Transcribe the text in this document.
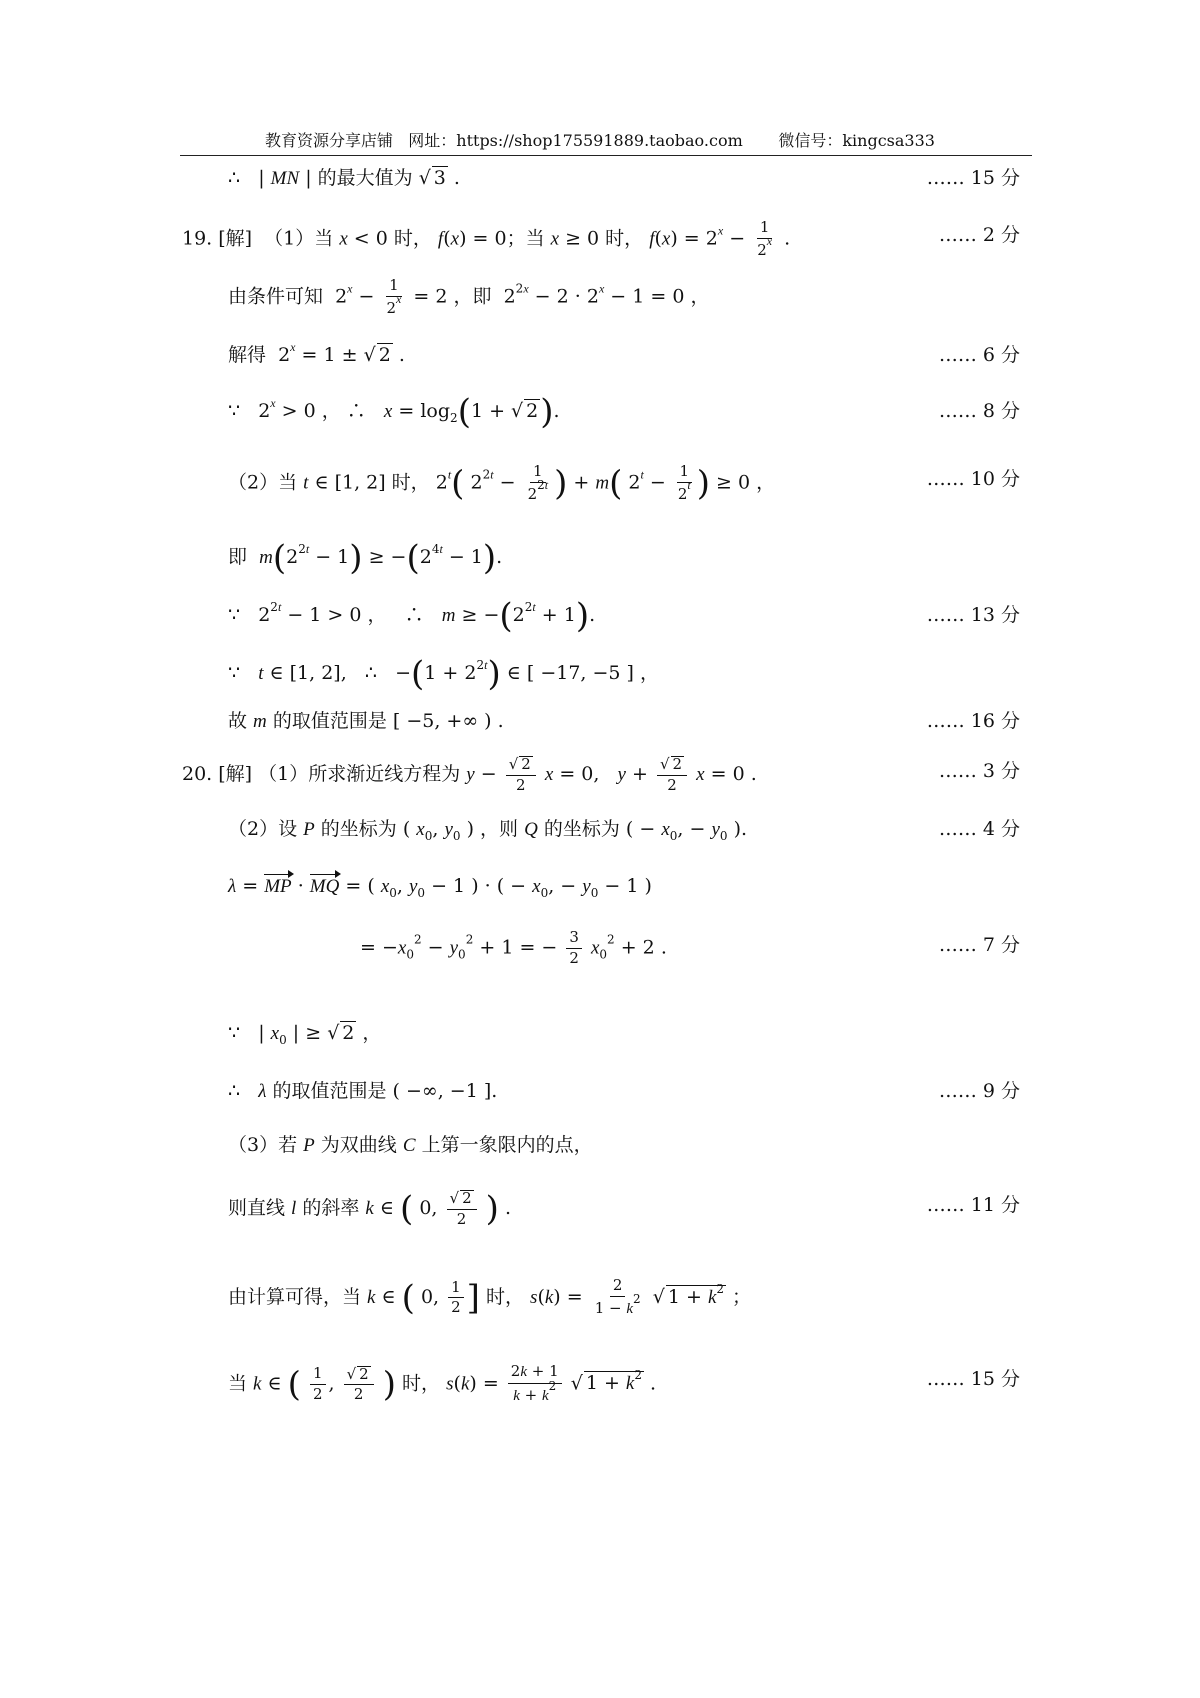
教育资源分享店铺   网址：https://shop175591889.taobao.com       微信号：kingcsa333
∴   | MN | 的最大值为 √ 3 .	…… 15 分
19. [解]  （1）当 x < 0 时， f(x) = 0；当 x ≥ 0 时， $f(x) = 2^x - \frac{1}{2^x}$ .	…… 2 分
由条件可知  $2^x - \frac{1}{2^x} = 2$ ，即  $2^{2x} - 2 \cdot 2^x - 1 = 0$ ，
解得  $2^x = 1$ ± √ 2 .	…… 6 分
∵   $2^x > 0$ ， ∴   $x = \log_2(1$ + √ 2).	…… 8 分
（2）当 t ∈ [1, 2] 时， 2$^t$( $2^{2t} - \frac{1}{2^{2t}}$ ) + m( $2^t - \frac{1}{2^t}$ ) ≥ 0 ，	…… 10 分
即  $m(2^{2t} - 1) \ge -(2^{4t} - 1)$.
∵   $2^{2t} - 1 > 0$ ，   ∴   $m \ge -(2^{2t} + 1)$.	…… 13 分
∵   t ∈ [1, 2],   ∴   $-(1 + 2^{2t})$ ∈ [ −17, −5 ] ，
故 m 的取值范围是 [ −5, +∞ ) .	…… 16 分
20. [解] （1）所求渐近线方程为 $y - \frac{√ 2}{2}$ x = 0,   $y + \frac{√ 2}{2}$ x = 0 .	…… 3 分
（2）设 P 的坐标为 ( $x_0$, $y_0$ ) ，则 Q 的坐标为 ( − $x_0$, − $y_0$ ).	…… 4 分
λ = MP · MQ = ( $x_0$, $y_0 - 1$ ) · ( − $x_0$, − $y_0 - 1$ )
= $-x_0^2 - y_0^2 + 1$ = − $\frac{3}{2} x_0^2 + 2$ .	…… 7 分
∵   | $x_0$ | ≥ √ 2 ，
∴   λ 的取值范围是 ( −∞, −1 ].	…… 9 分
（3）若 P 为双曲线 C 上第一象限内的点，
则直线 l 的斜率 k ∈ ( 0, $\frac{√ 2}{2}$ ) .	…… 11 分
由计算可得，当 k ∈ ( 0, $\frac{1}{2}$ ] 时， $s(k) = \frac{2}{1 - k^2}$ √ $1 + k^2$ ；
当 k ∈ ( $\frac{1}{2}$ , $\frac{√ 2}{2}$ ) 时， $s(k) = \frac{2k + 1}{k + k^2}$ √ $1 + k^2$ .	…… 15 分
